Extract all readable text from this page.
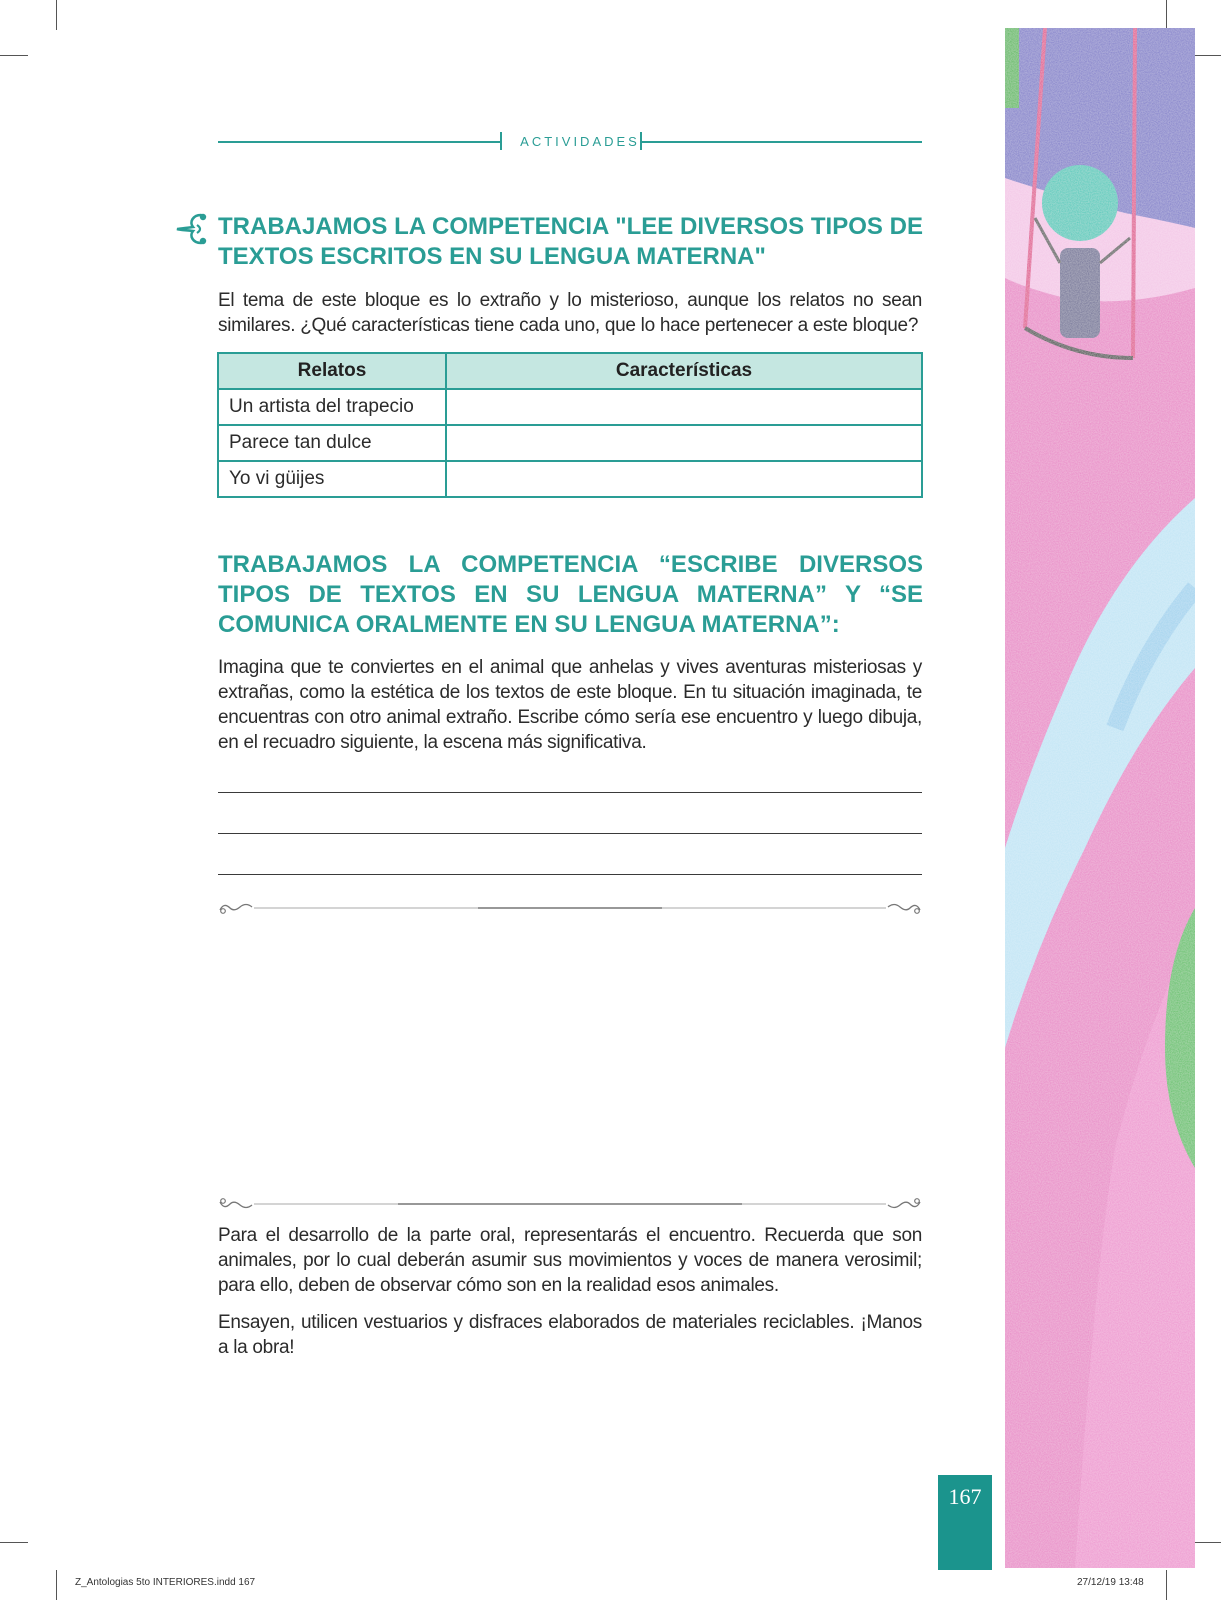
ACTIVIDADES
TRABAJAMOS LA COMPETENCIA "LEE DIVERSOS TIPOS DE TEXTOS ESCRITOS EN SU LENGUA MATERNA"

El tema de este bloque es lo extraño y lo misterioso, aunque los relatos no sean similares. ¿Qué características tiene cada uno, que lo hace pertenecer a este bloque?

Relatos	Características
Un artista del trapecio	
Parece tan dulce	
Yo vi güijes	
TRABAJAMOS LA COMPETENCIA “ESCRIBE DIVERSOS TIPOS DE TEXTOS EN SU LENGUA MATERNA” Y “SE COMUNICA ORALMENTE EN SU LENGUA MATERNA”:

Imagina que te conviertes en el animal que anhelas y vives aventuras misteriosas y extrañas, como la estética de los textos de este bloque. En tu situación imaginada, te encuentras con otro animal extraño. Escribe cómo sería ese encuentro y luego dibuja, en el recuadro siguiente, la escena más significativa.

Para el desarrollo de la parte oral, representarás el encuentro. Recuerda que son animales, por lo cual deberán asumir sus movimientos y voces de manera verosimil; para ello, deben de observar cómo son en la realidad esos animales.

Ensayen, utilicen vestuarios y disfraces elaborados de materiales reciclables. ¡Manos a la obra!

167
Z_Antologias 5to INTERIORES.indd 167	27/12/19 13:48
